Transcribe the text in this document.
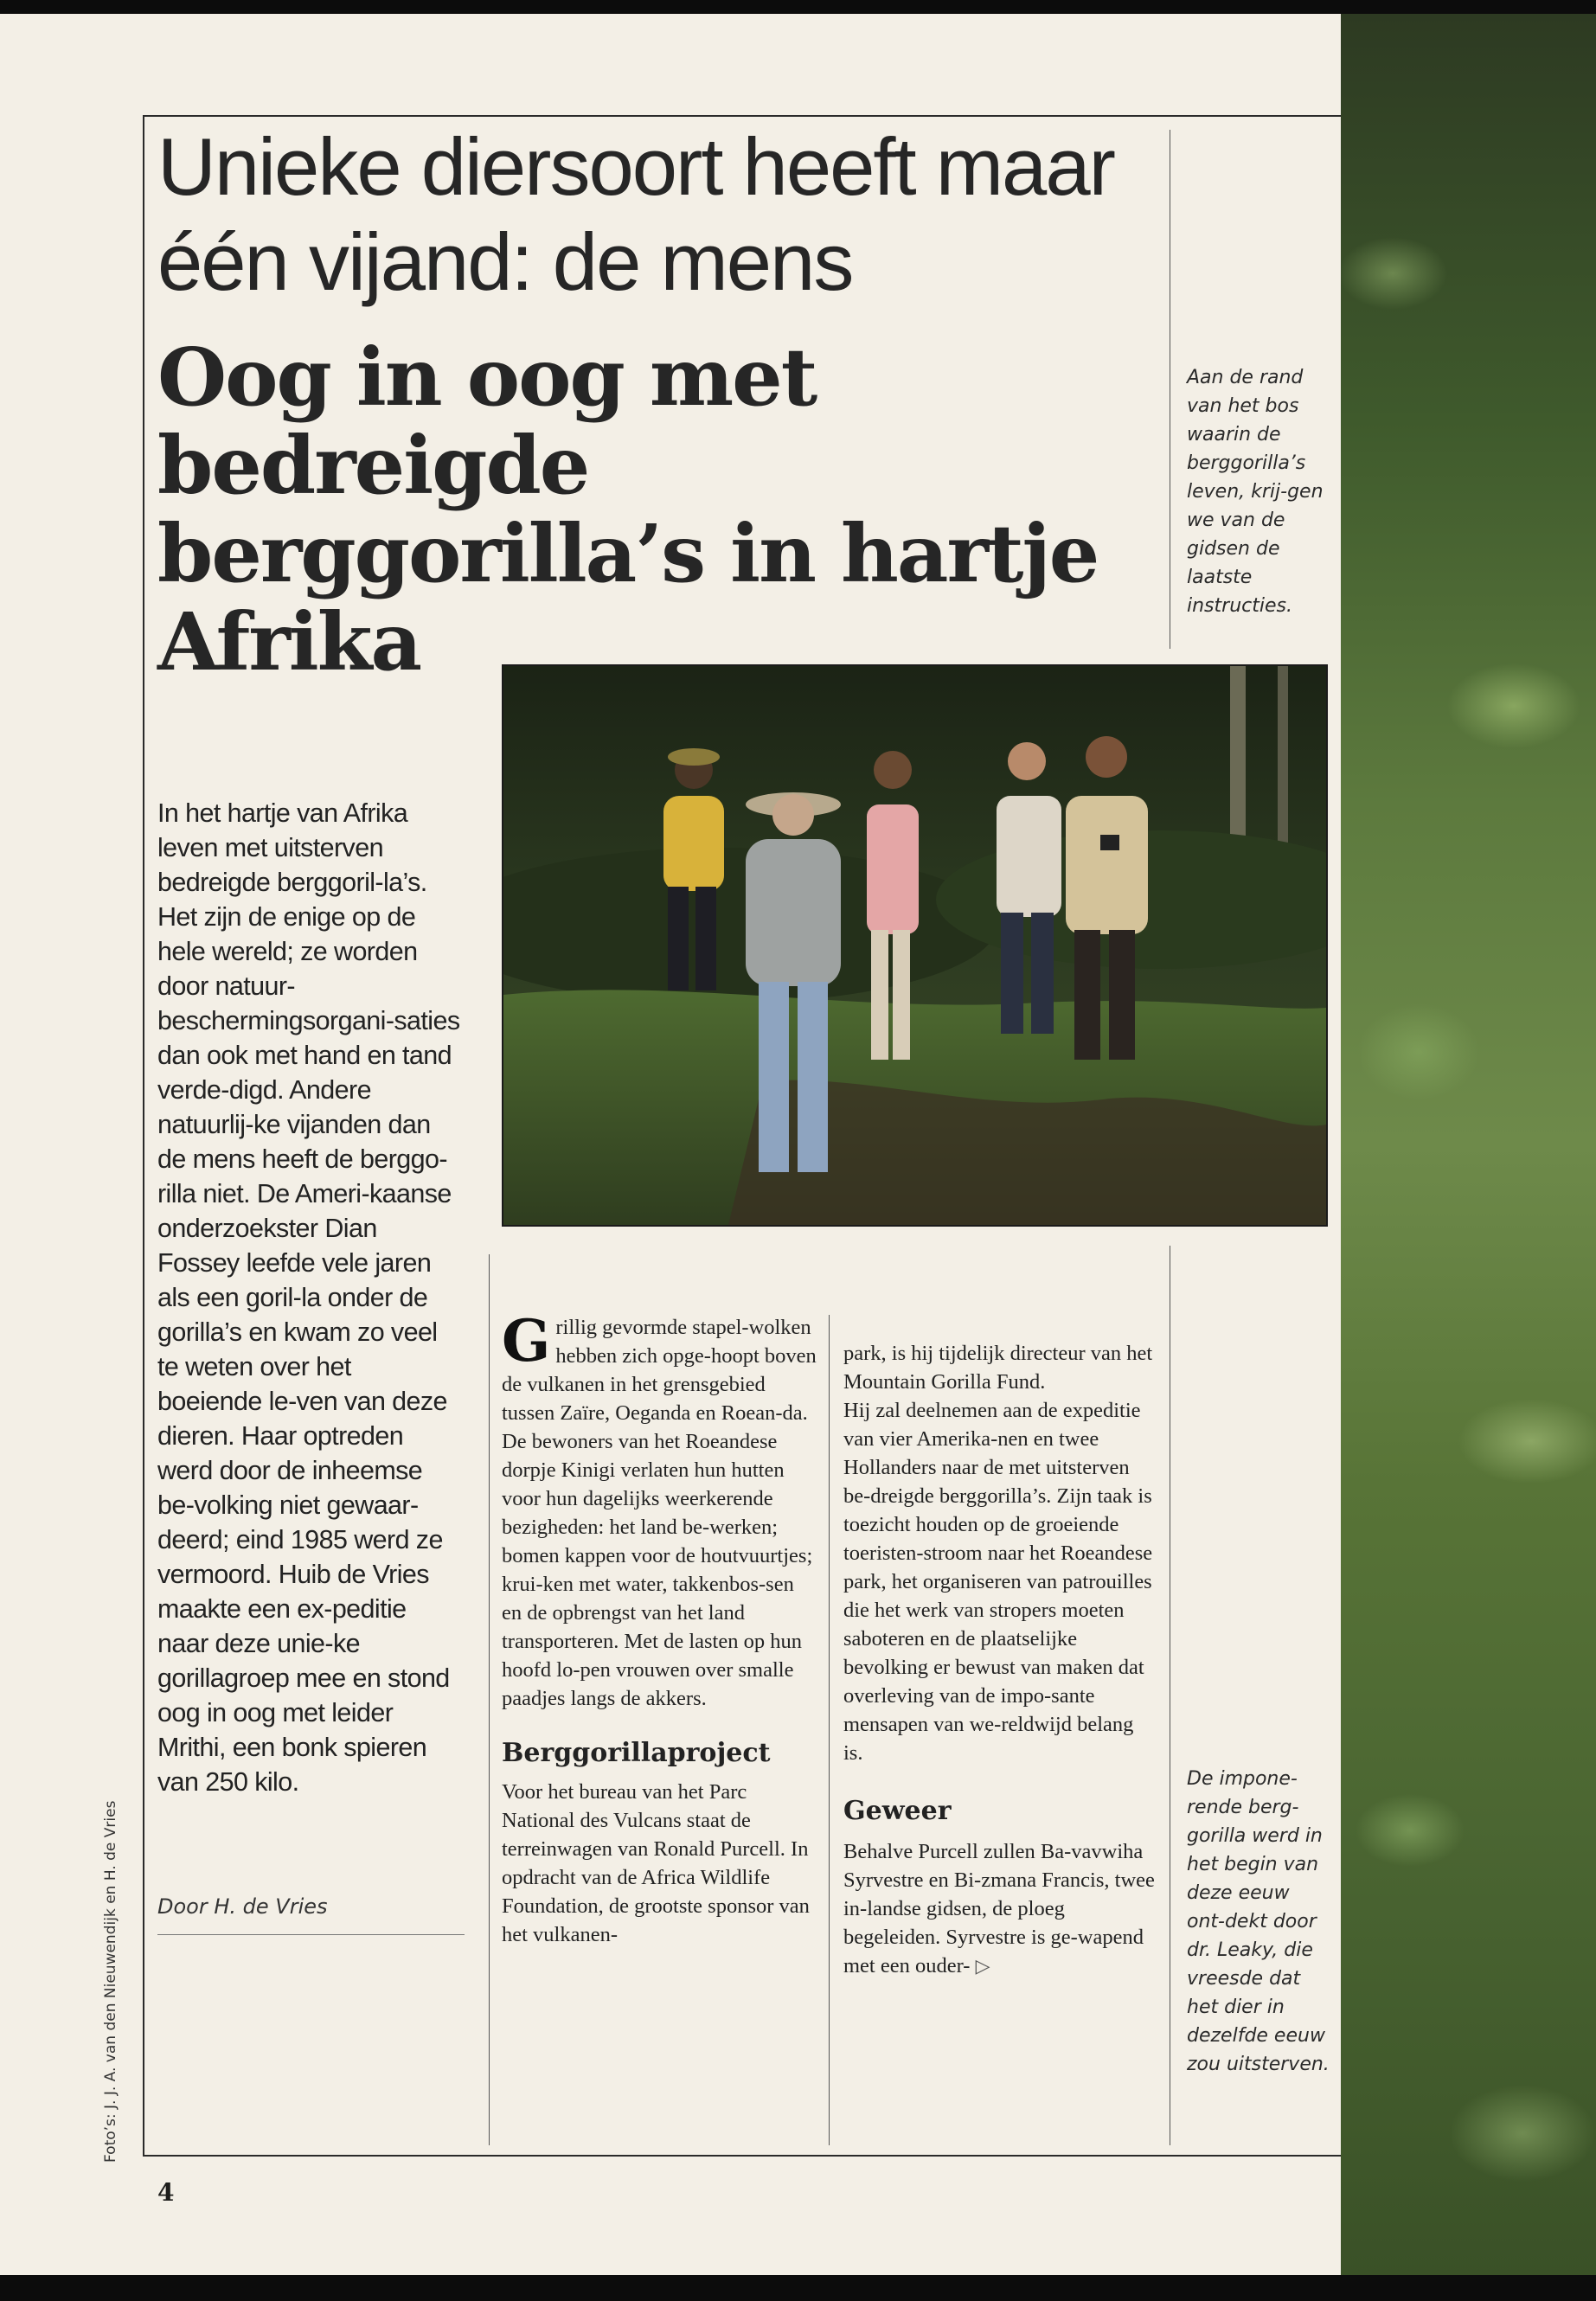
Unieke diersoort heeft maar één vijand: de mens
Oog in oog met bedreigde berggorilla’s in hartje Afrika
Aan de rand van het bos waarin de berggorilla’s leven, krij-gen we van de gidsen de laatste instructies.
In het hartje van Afrika leven met uitsterven bedreigde berggoril-la’s. Het zijn de enige op de hele wereld; ze worden door natuur-beschermingsorgani-saties dan ook met hand en tand verde-digd. Andere natuurlij-ke vijanden dan de mens heeft de berggo-rilla niet. De Ameri-kaanse onderzoekster Dian Fossey leefde vele jaren als een goril-la onder de gorilla’s en kwam zo veel te weten over het boeiende le-ven van deze dieren. Haar optreden werd door de inheemse be-volking niet gewaar-deerd; eind 1985 werd ze vermoord. Huib de Vries maakte een ex-peditie naar deze unie-ke gorillagroep mee en stond oog in oog met leider Mrithi, een bonk spieren van 250 kilo.
Door H. de Vries
Foto’s: J. J. A. van den Nieuwendijk en H. de Vries
G rillig gevormde stapel-wolken hebben zich opge-hoopt boven de vulkanen in het grensgebied tussen Zaïre, Oeganda en Roean-da. De bewoners van het Roeandese dorpje Kinigi verlaten hun hutten voor hun dagelijks weerkerende bezigheden: het land be-werken; bomen kappen voor de houtvuurtjes; krui-ken met water, takkenbos-sen en de opbrengst van het land transporteren. Met de lasten op hun hoofd lo-pen vrouwen over smalle paadjes langs de akkers.

Berggorillaproject

Voor het bureau van het Parc National des Vulcans staat de terreinwagen van Ronald Purcell. In opdracht van de Africa Wildlife Foundation, de grootste sponsor van het vulkanen-

park, is hij tijdelijk directeur van het Mountain Gorilla Fund.

Hij zal deelnemen aan de expeditie van vier Amerika-nen en twee Hollanders naar de met uitsterven be-dreigde berggorilla’s. Zijn taak is toezicht houden op de groeiende toeristen-stroom naar het Roeandese park, het organiseren van patrouilles die het werk van stropers moeten saboteren en de plaatselijke bevolking er bewust van maken dat overleving van de impo-sante mensapen van we-reldwijd belang is.

Geweer

Behalve Purcell zullen Ba-vavwiha Syrvestre en Bi-zmana Francis, twee in-landse gidsen, de ploeg begeleiden. Syrvestre is ge-wapend met een ouder- ▷

De impone-rende berg-gorilla werd in het begin van deze eeuw ont-dekt door dr. Leaky, die vreesde dat het dier in dezelfde eeuw zou uitsterven.
4
